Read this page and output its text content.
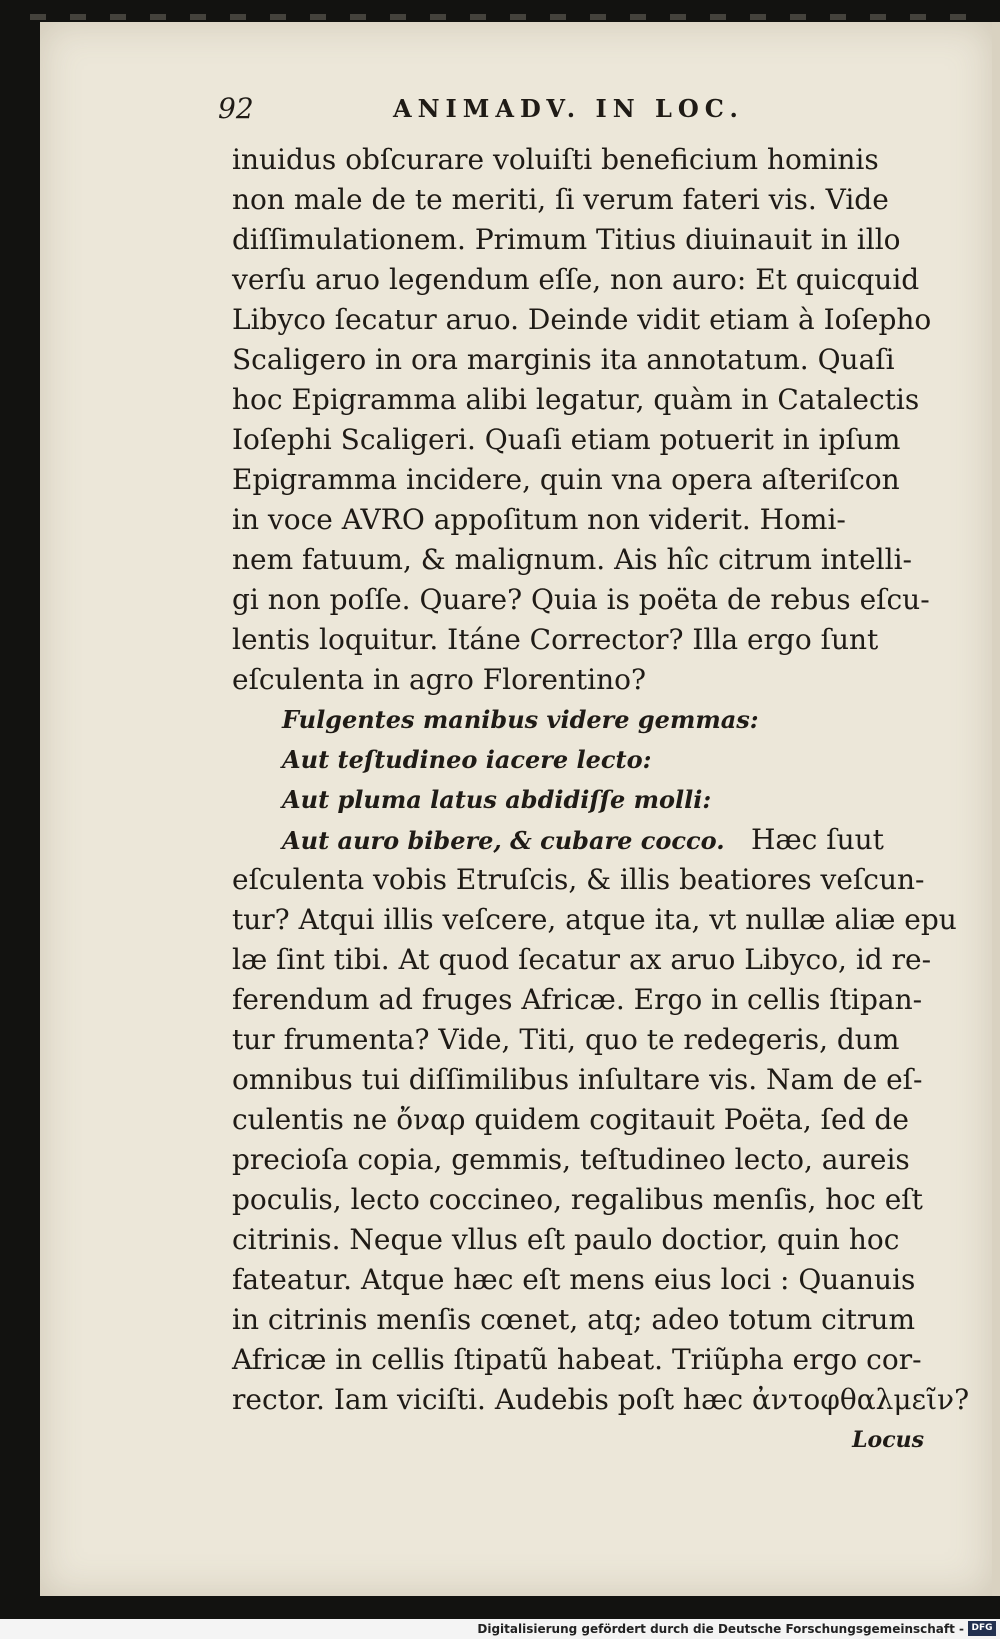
92	ANIMADV. IN LOC.
inuidus obſcurare voluiſti beneficium hominis
non male de te meriti, ſi verum fateri vis. Vide
diſſimulationem. Primum Titius diuinauit in illo
verſu aruo legendum eſſe, non auro: Et quicquid
Libyco ſecatur aruo. Deinde vidit etiam à Ioſepho
Scaligero in ora marginis ita annotatum. Quaſi
hoc Epigramma alibi legatur, quàm in Catalectis
Ioſephi Scaligeri. Quaſi etiam potuerit in ipſum
Epigramma incidere, quin vna opera aſteriſcon
in voce AVRO appoſitum non viderit. Homi-
nem fatuum, & malignum. Ais hîc citrum intelli-
gi non poſſe. Quare? Quia is poëta de rebus eſcu-
lentis loquitur. Itáne Corrector? Illa ergo ſunt
eſculenta in agro Florentino?
Fulgentes manibus videre gemmas:
Aut teſtudineo iacere lecto:
Aut pluma latus abdidiſſe molli:
Aut auro bibere, & cubare cocco. Hæc ſuut
eſculenta vobis Etruſcis, & illis beatiores veſcun-
tur? Atqui illis veſcere, atque ita, vt nullæ aliæ epu
læ ſint tibi. At quod ſecatur ax aruo Libyco, id re-
ferendum ad fruges Africæ. Ergo in cellis ſtipan-
tur frumenta? Vide, Titi, quo te redegeris, dum
omnibus tui diſſimilibus inſultare vis. Nam de eſ-
culentis ne ὄναρ quidem cogitauit Poëta, ſed de
precioſa copia, gemmis, teſtudineo lecto, aureis
poculis, lecto coccineo, regalibus menſis, hoc eſt
citrinis. Neque vllus eſt paulo doctior, quin hoc
fateatur. Atque hæc eſt mens eius loci : Quanuis
in citrinis menſis cœnet, atq; adeo totum citrum
Africæ in cellis ſtipatũ habeat. Triũpha ergo cor-
rector. Iam viciſti. Audebis poſt hæc ἀντοφθαλμεῖν?
Locus
Digitalisierung gefördert durch die Deutsche Forschungsgemeinschaft - DFG
